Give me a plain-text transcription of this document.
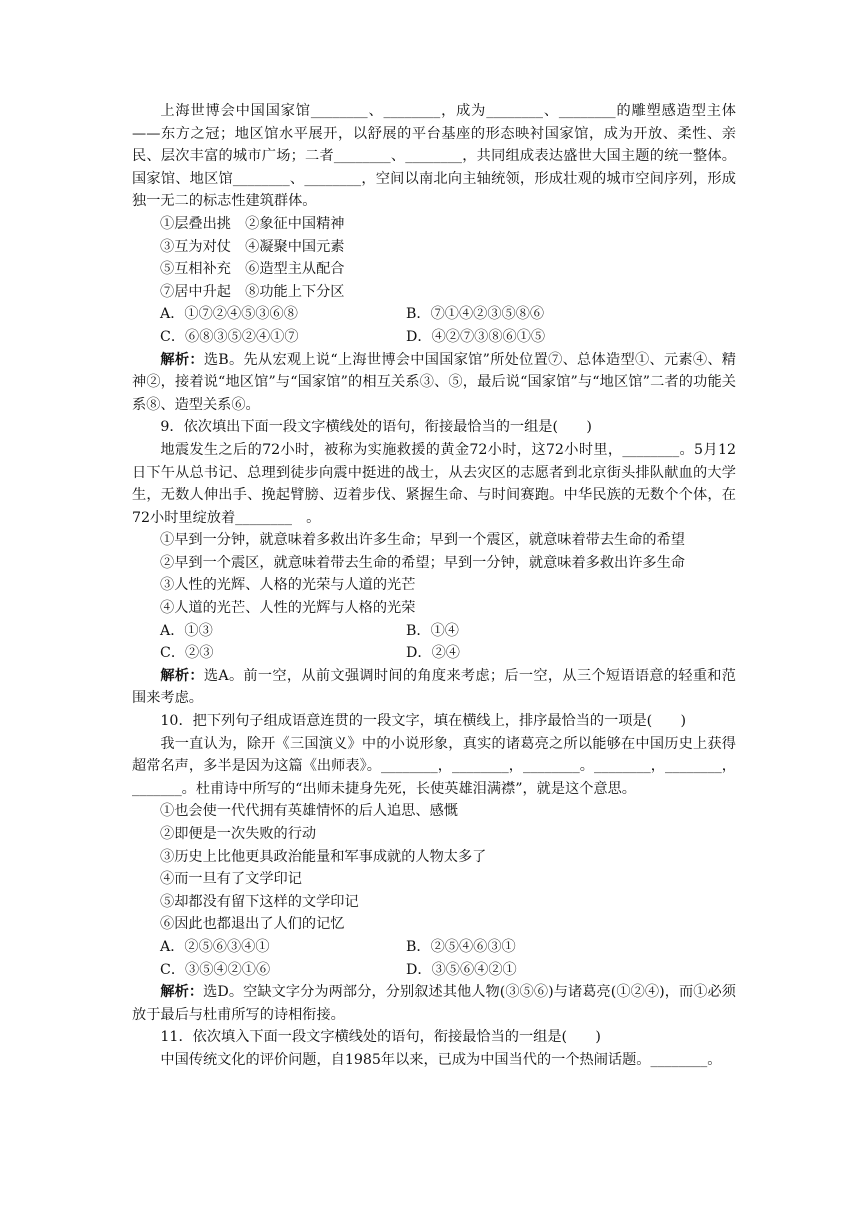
上海世博会中国国家馆________、________，成为________、________的雕塑感造型主体——东方之冠；地区馆水平展开，以舒展的平台基座的形态映衬国家馆，成为开放、柔性、亲民、层次丰富的城市广场；二者________、________，共同组成表达盛世大国主题的统一整体。国家馆、地区馆________、________，空间以南北向主轴统领，形成壮观的城市空间序列，形成独一无二的标志性建筑群体。
①层叠出挑　②象征中国精神
③互为对仗　④凝聚中国元素
⑤互相补充　⑥造型主从配合
⑦居中升起　⑧功能上下分区
A．①⑦②④⑤③⑥⑧	B．⑦①④②③⑤⑧⑥
C．⑥⑧③⑤②④①⑦	D．④②⑦③⑧⑥①⑤
解析：选B。先从宏观上说“上海世博会中国国家馆”所处位置⑦、总体造型①、元素④、精神②，接着说“地区馆”与“国家馆”的相互关系③、⑤，最后说“国家馆”与“地区馆”二者的功能关系⑧、造型关系⑥。
9．依次填出下面一段文字横线处的语句，衔接最恰当的一组是(　　)
地震发生之后的72小时，被称为实施救援的黄金72小时，这72小时里，________。5月12日下午从总书记、总理到徒步向震中挺进的战士，从去灾区的志愿者到北京街头排队献血的大学生，无数人伸出手、挽起臂膀、迈着步伐、紧握生命、与时间赛跑。中华民族的无数个个体，在72小时里绽放着________　。
①早到一分钟，就意味着多救出许多生命；早到一个震区，就意味着带去生命的希望
②早到一个震区，就意味着带去生命的希望；早到一分钟，就意味着多救出许多生命
③人性的光辉、人格的光荣与人道的光芒
④人道的光芒、人性的光辉与人格的光荣
A．①③	B．①④
C．②③	D．②④
解析：选A。前一空，从前文强调时间的角度来考虑；后一空，从三个短语语意的轻重和范围来考虑。
10．把下列句子组成语意连贯的一段文字，填在横线上，排序最恰当的一项是(　　)
我一直认为，除开《三国演义》中的小说形象，真实的诸葛亮之所以能够在中国历史上获得超常名声，多半是因为这篇《出师表》。________，________，________。________，________，_______。杜甫诗中所写的“出师未捷身先死，长使英雄泪满襟”，就是这个意思。
①也会使一代代拥有英雄情怀的后人追思、感慨
②即便是一次失败的行动
③历史上比他更具政治能量和军事成就的人物太多了
④而一旦有了文学印记
⑤却都没有留下这样的文学印记
⑥因此也都退出了人们的记忆
A．②⑤⑥③④①	B．②⑤④⑥③①
C．③⑤④②①⑥	D．③⑤⑥④②①
解析：选D。空缺文字分为两部分，分别叙述其他人物(③⑤⑥)与诸葛亮(①②④)，而①必须放于最后与杜甫所写的诗相衔接。
11．依次填入下面一段文字横线处的语句，衔接最恰当的一组是(　　)
中国传统文化的评价问题，自1985年以来，已成为中国当代的一个热闹话题。________。
